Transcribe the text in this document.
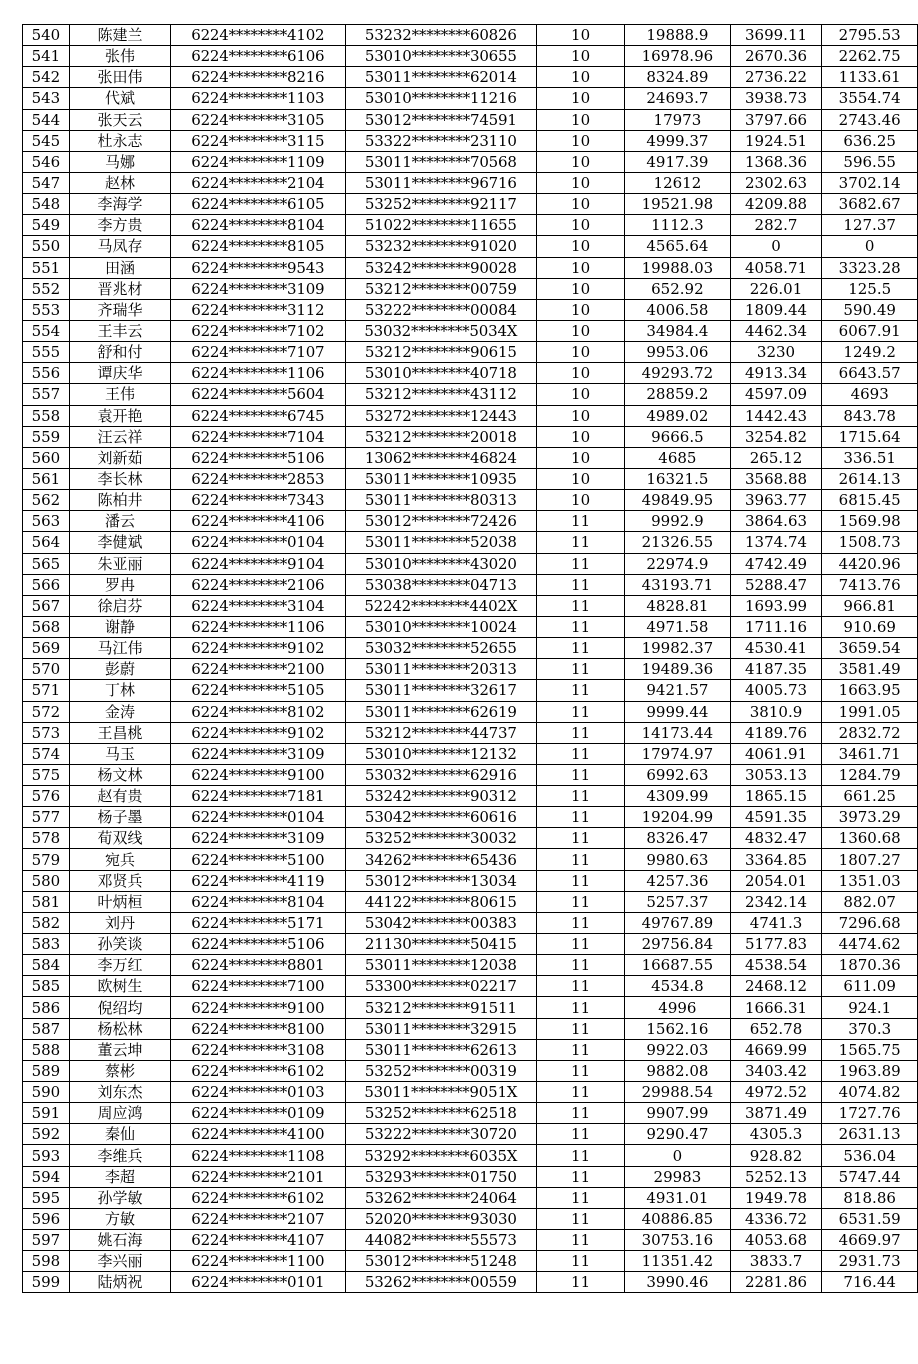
540	陈建兰	6224********4102	53232********60826	10	19888.9	3699.11	2795.53
541	张伟	6224********6106	53010********30655	10	16978.96	2670.36	2262.75
542	张田伟	6224********8216	53011********62014	10	8324.89	2736.22	1133.61
543	代斌	6224********1103	53010********11216	10	24693.7	3938.73	3554.74
544	张天云	6224********3105	53012********74591	10	17973	3797.66	2743.46
545	杜永志	6224********3115	53322********23110	10	4999.37	1924.51	636.25
546	马娜	6224********1109	53011********70568	10	4917.39	1368.36	596.55
547	赵林	6224********2104	53011********96716	10	12612	2302.63	3702.14
548	李海学	6224********6105	53252********92117	10	19521.98	4209.88	3682.67
549	李方贵	6224********8104	51022********11655	10	1112.3	282.7	127.37
550	马凤存	6224********8105	53232********91020	10	4565.64	0	0
551	田涵	6224********9543	53242********90028	10	19988.03	4058.71	3323.28
552	晋兆材	6224********3109	53212********00759	10	652.92	226.01	125.5
553	齐瑞华	6224********3112	53222********00084	10	4006.58	1809.44	590.49
554	王丰云	6224********7102	53032********5034X	10	34984.4	4462.34	6067.91
555	舒和付	6224********7107	53212********90615	10	9953.06	3230	1249.2
556	谭庆华	6224********1106	53010********40718	10	49293.72	4913.34	6643.57
557	王伟	6224********5604	53212********43112	10	28859.2	4597.09	4693
558	袁开艳	6224********6745	53272********12443	10	4989.02	1442.43	843.78
559	汪云祥	6224********7104	53212********20018	10	9666.5	3254.82	1715.64
560	刘新茹	6224********5106	13062********46824	10	4685	265.12	336.51
561	李长林	6224********2853	53011********10935	10	16321.5	3568.88	2614.13
562	陈柏井	6224********7343	53011********80313	10	49849.95	3963.77	6815.45
563	潘云	6224********4106	53012********72426	11	9992.9	3864.63	1569.98
564	李健斌	6224********0104	53011********52038	11	21326.55	1374.74	1508.73
565	朱亚丽	6224********9104	53010********43020	11	22974.9	4742.49	4420.96
566	罗冉	6224********2106	53038********04713	11	43193.71	5288.47	7413.76
567	徐启芬	6224********3104	52242********4402X	11	4828.81	1693.99	966.81
568	谢静	6224********1106	53010********10024	11	4971.58	1711.16	910.69
569	马江伟	6224********9102	53032********52655	11	19982.37	4530.41	3659.54
570	彭蔚	6224********2100	53011********20313	11	19489.36	4187.35	3581.49
571	丁林	6224********5105	53011********32617	11	9421.57	4005.73	1663.95
572	金涛	6224********8102	53011********62619	11	9999.44	3810.9	1991.05
573	王昌桃	6224********9102	53212********44737	11	14173.44	4189.76	2832.72
574	马玉	6224********3109	53010********12132	11	17974.97	4061.91	3461.71
575	杨文林	6224********9100	53032********62916	11	6992.63	3053.13	1284.79
576	赵有贵	6224********7181	53242********90312	11	4309.99	1865.15	661.25
577	杨子墨	6224********0104	53042********60616	11	19204.99	4591.35	3973.29
578	荀双线	6224********3109	53252********30032	11	8326.47	4832.47	1360.68
579	宛兵	6224********5100	34262********65436	11	9980.63	3364.85	1807.27
580	邓贤兵	6224********4119	53012********13034	11	4257.36	2054.01	1351.03
581	叶炳桓	6224********8104	44122********80615	11	5257.37	2342.14	882.07
582	刘丹	6224********5171	53042********00383	11	49767.89	4741.3	7296.68
583	孙笑谈	6224********5106	21130********50415	11	29756.84	5177.83	4474.62
584	李万红	6224********8801	53011********12038	11	16687.55	4538.54	1870.36
585	欧树生	6224********7100	53300********02217	11	4534.8	2468.12	611.09
586	倪绍均	6224********9100	53212********91511	11	4996	1666.31	924.1
587	杨松林	6224********8100	53011********32915	11	1562.16	652.78	370.3
588	董云坤	6224********3108	53011********62613	11	9922.03	4669.99	1565.75
589	蔡彬	6224********6102	53252********00319	11	9882.08	3403.42	1963.89
590	刘东杰	6224********0103	53011********9051X	11	29988.54	4972.52	4074.82
591	周应鸿	6224********0109	53252********62518	11	9907.99	3871.49	1727.76
592	秦仙	6224********4100	53222********30720	11	9290.47	4305.3	2631.13
593	李维兵	6224********1108	53292********6035X	11	0	928.82	536.04
594	李超	6224********2101	53293********01750	11	29983	5252.13	5747.44
595	孙学敏	6224********6102	53262********24064	11	4931.01	1949.78	818.86
596	方敏	6224********2107	52020********93030	11	40886.85	4336.72	6531.59
597	姚石海	6224********4107	44082********55573	11	30753.16	4053.68	4669.97
598	李兴丽	6224********1100	53012********51248	11	11351.42	3833.7	2931.73
599	陆炳祝	6224********0101	53262********00559	11	3990.46	2281.86	716.44
